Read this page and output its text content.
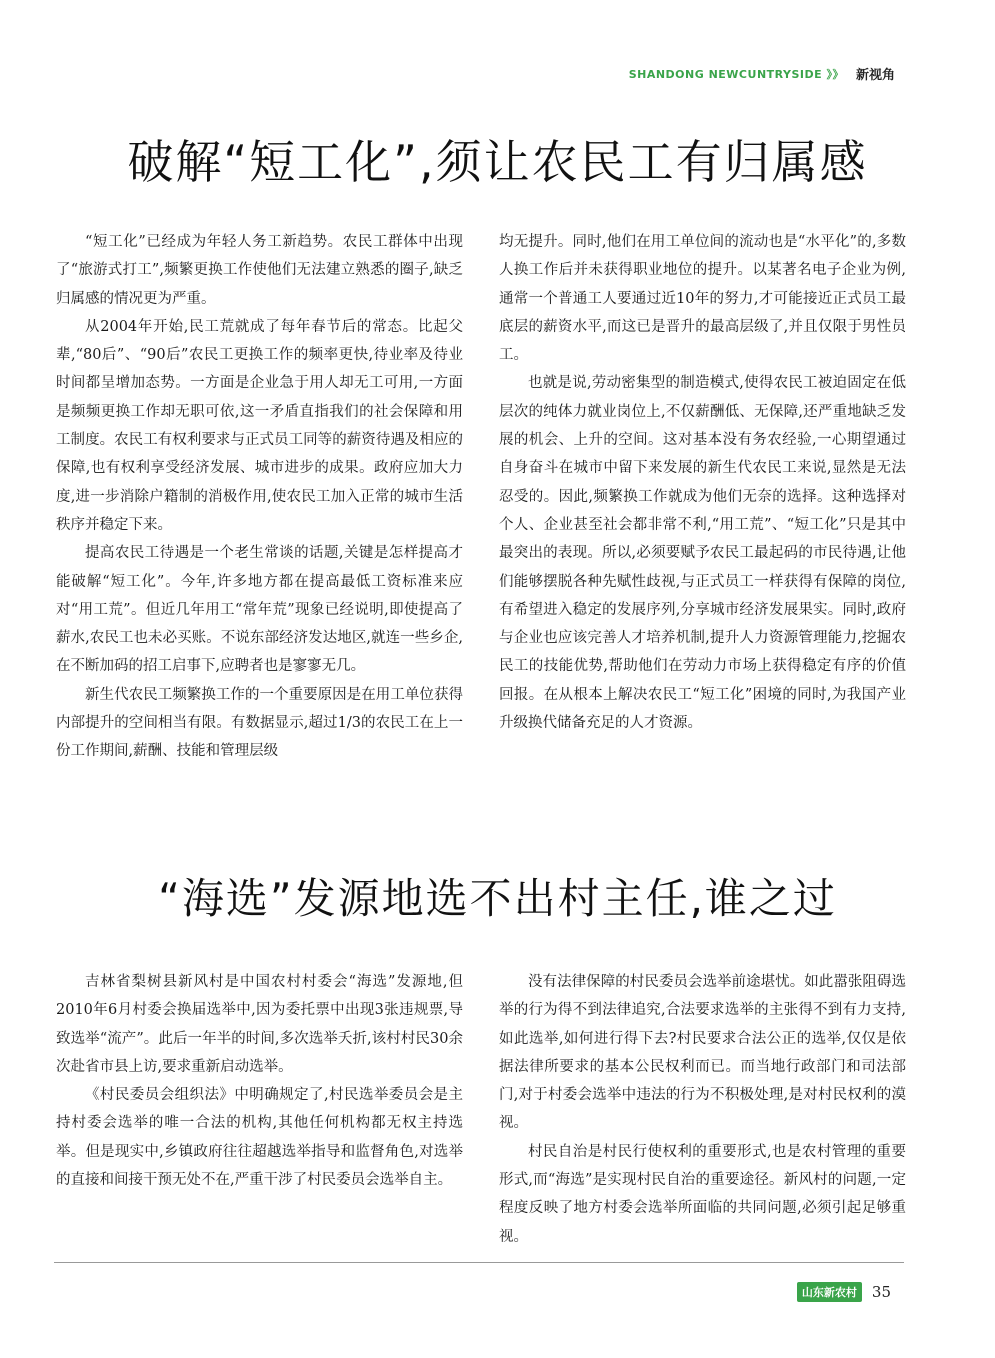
SHANDONG NEWCUNTRYSIDE 》》 新视角
破解“短工化”,须让农民工有归属感

“短工化”已经成为年轻人务工新趋势。农民工群体中出现了“旅游式打工”,频繁更换工作使他们无法建立熟悉的圈子,缺乏归属感的情况更为严重。

从2004年开始,民工荒就成了每年春节后的常态。比起父辈,“80后”、“90后”农民工更换工作的频率更快,待业率及待业时间都呈增加态势。一方面是企业急于用人却无工可用,一方面是频频更换工作却无职可依,这一矛盾直指我们的社会保障和用工制度。农民工有权利要求与正式员工同等的薪资待遇及相应的保障,也有权利享受经济发展、城市进步的成果。政府应加大力度,进一步消除户籍制的消极作用,使农民工加入正常的城市生活秩序并稳定下来。

提高农民工待遇是一个老生常谈的话题,关键是怎样提高才能破解“短工化”。今年,许多地方都在提高最低工资标准来应对“用工荒”。但近几年用工“常年荒”现象已经说明,即使提高了薪水,农民工也未必买账。不说东部经济发达地区,就连一些乡企,在不断加码的招工启事下,应聘者也是寥寥无几。

新生代农民工频繁换工作的一个重要原因是在用工单位获得内部提升的空间相当有限。有数据显示,超过1/3的农民工在上一份工作期间,薪酬、技能和管理层级

均无提升。同时,他们在用工单位间的流动也是“水平化”的,多数人换工作后并未获得职业地位的提升。以某著名电子企业为例,通常一个普通工人要通过近10年的努力,才可能接近正式员工最底层的薪资水平,而这已是晋升的最高层级了,并且仅限于男性员工。

也就是说,劳动密集型的制造模式,使得农民工被迫固定在低层次的纯体力就业岗位上,不仅薪酬低、无保障,还严重地缺乏发展的机会、上升的空间。这对基本没有务农经验,一心期望通过自身奋斗在城市中留下来发展的新生代农民工来说,显然是无法忍受的。因此,频繁换工作就成为他们无奈的选择。这种选择对个人、企业甚至社会都非常不利,“用工荒”、“短工化”只是其中最突出的表现。所以,必须要赋予农民工最起码的市民待遇,让他们能够摆脱各种先赋性歧视,与正式员工一样获得有保障的岗位,有希望进入稳定的发展序列,分享城市经济发展果实。同时,政府与企业也应该完善人才培养机制,提升人力资源管理能力,挖掘农民工的技能优势,帮助他们在劳动力市场上获得稳定有序的价值回报。在从根本上解决农民工“短工化”困境的同时,为我国产业升级换代储备充足的人才资源。

“海选”发源地选不出村主任,谁之过

吉林省梨树县新风村是中国农村村委会“海选”发源地,但2010年6月村委会换届选举中,因为委托票中出现3张违规票,导致选举“流产”。此后一年半的时间,多次选举夭折,该村村民30余次赴省市县上访,要求重新启动选举。

《村民委员会组织法》中明确规定了,村民选举委员会是主持村委会选举的唯一合法的机构,其他任何机构都无权主持选举。但是现实中,乡镇政府往往超越选举指导和监督角色,对选举的直接和间接干预无处不在,严重干涉了村民委员会选举自主。

没有法律保障的村民委员会选举前途堪忧。如此嚣张阻碍选举的行为得不到法律追究,合法要求选举的主张得不到有力支持,如此选举,如何进行得下去?村民要求合法公正的选举,仅仅是依据法律所要求的基本公民权利而已。而当地行政部门和司法部门,对于村委会选举中违法的行为不积极处理,是对村民权利的漠视。

村民自治是村民行使权利的重要形式,也是农村管理的重要形式,而“海选”是实现村民自治的重要途径。新风村的问题,一定程度反映了地方村委会选举所面临的共同问题,必须引起足够重视。

山东新农村	35
